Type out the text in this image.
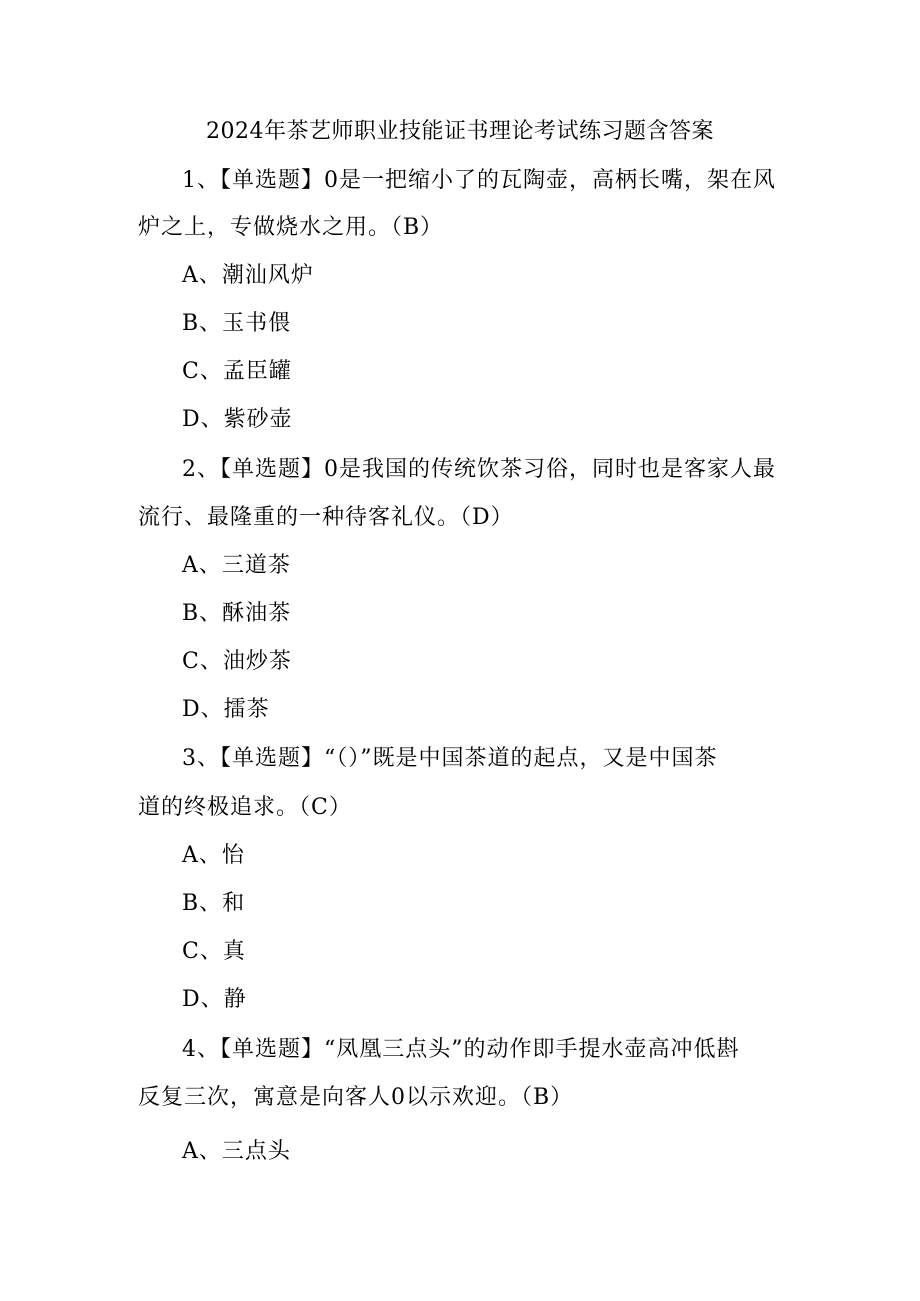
2024年茶艺师职业技能证书理论考试练习题含答案
1、【单选题】0是一把缩小了的瓦陶壶，高柄长嘴，架在风
炉之上，专做烧水之用。（B）
A、潮汕风炉
B、玉书偎
C、孟臣罐
D、紫砂壶
2、【单选题】0是我国的传统饮茶习俗，同时也是客家人最
流行、最隆重的一种待客礼仪。（D）
A、三道茶
B、酥油茶
C、油炒茶
D、擂茶
3、【单选题】“（）”既是中国茶道的起点，又是中国茶
道的终极追求。（C）
A、怡
B、和
C、真
D、静
4、【单选题】“凤凰三点头”的动作即手提水壶高冲低斟
反复三次，寓意是向客人0以示欢迎。（B）
A、三点头
